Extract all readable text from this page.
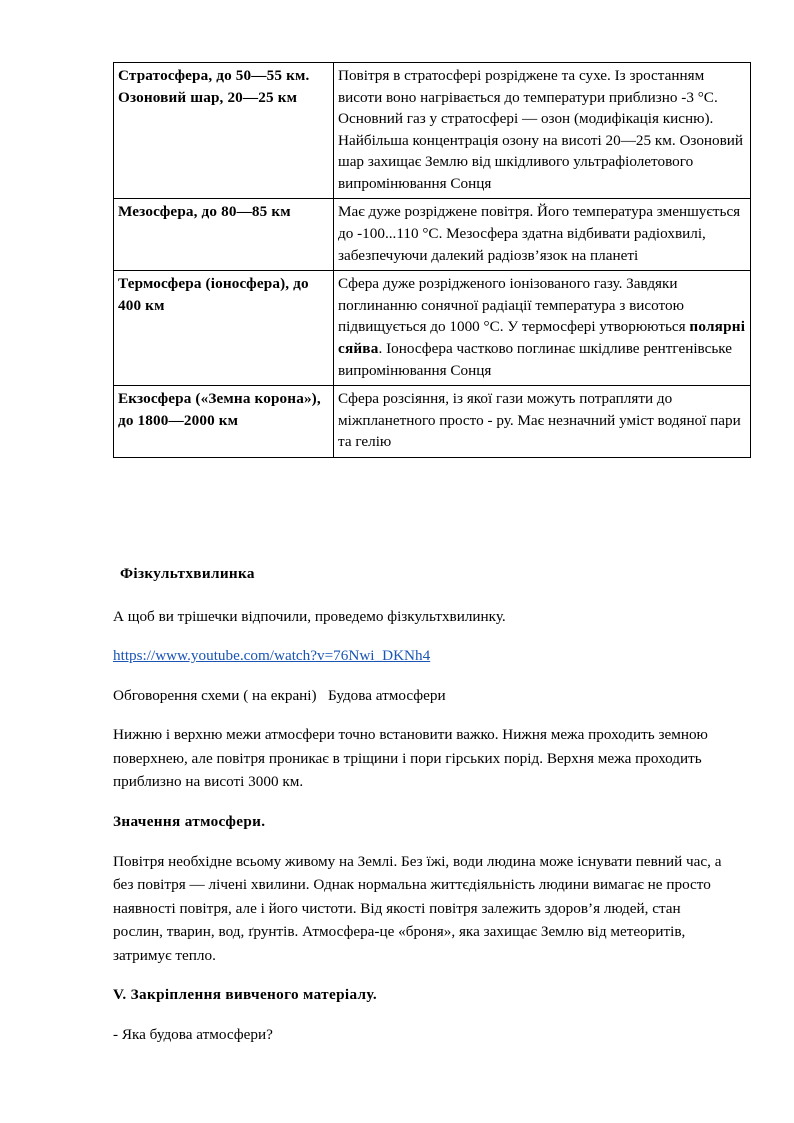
Стратосфера, до 50—55 км. Озоновий шар, 20—25 км	Повітря в стратосфері розріджене та сухе. Із зростанням висоти воно нагрівається до температури приблизно -3 °C. Основний газ у стратосфері — озон (модифікація кисню). Найбільша концентрація озону на висоті 20—25 км. Озоновий шар захищає Землю від шкідливого ультрафіолетового випромінювання Сонця
Мезосфера, до 80—85 км	Має дуже розріджене повітря. Його температура зменшується до -100...110 °C. Мезосфера здатна відбивати радіохвилі, забезпечуючи далекий радіозв’язок на планеті
Термосфера (іоносфера), до 400 км	Сфера дуже розрідженого іонізованого газу. Завдяки поглинанню сонячної радіації температура з висотою підвищується до 1000 °C. У термосфері утворюються полярні сяйва. Іоносфера частково поглинає шкідливе рентгенівське випромінювання Сонця
Екзосфера («Земна корона»), до 1800—2000 км	Сфера розсіяння, із якої гази можуть потрапляти до міжпланетного просто - ру. Має незначний уміст водяної пари та гелію

Фізкультхвилинка

А щоб ви трішечки відпочили, проведемо фізкультхвилинку.

https://www.youtube.com/watch?v=76Nwi_DKNh4

Обговорення схеми ( на екрані)   Будова атмосфери

Нижню і верхню межи атмосфери точно встановити важко. Нижня межа проходить земною поверхнею, але повітря проникає в тріщини і пори гірських порід. Верхня межа проходить приблизно на висоті 3000 км.

Значення атмосфери.

Повітря необхідне всьому живому на Землі. Без їжі, води людина може існувати певний час, а без повітря — лічені хвилини. Однак нормальна життєдіяльність людини вимагає не просто наявності повітря, але і його чистоти. Від якості повітря залежить здоров’я людей, стан рослин, тварин, вод, ґрунтів. Атмосфера-це «броня», яка захищає Землю від метеоритів, затримує тепло.

V. Закріплення вивченого матеріалу.

- Яка будова атмосфери?
